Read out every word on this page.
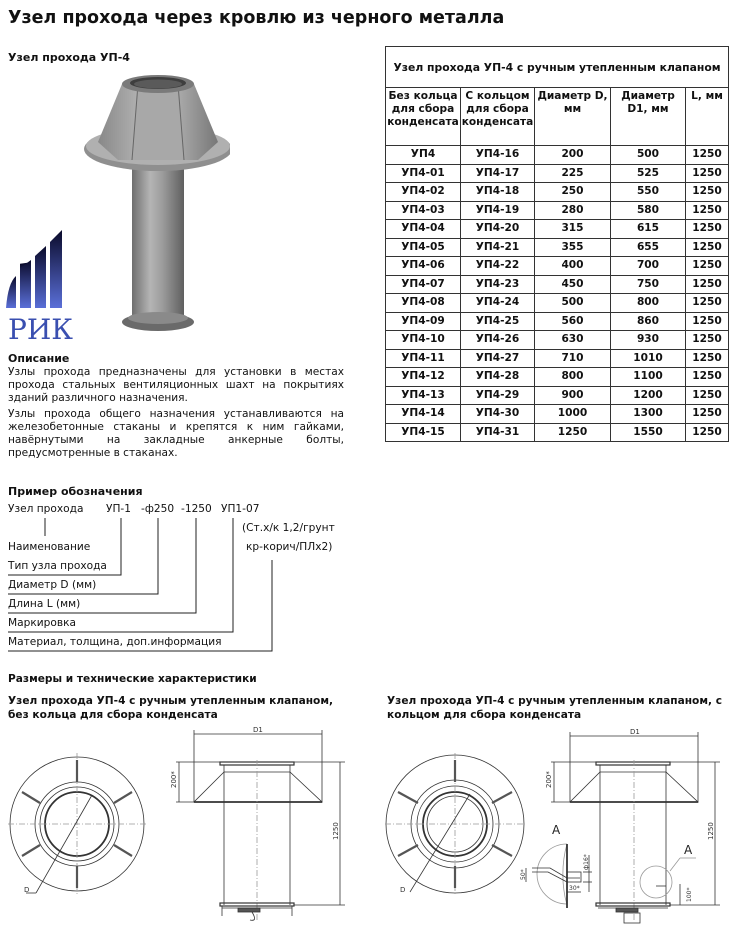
Узел прохода через кровлю из черного металла
Узел прохода УП-4
РИК
Описание

Узлы прохода предназначены для установки в местах прохода стальных вентиляционных шахт на покрытиях зданий различного назначения.

Узлы прохода общего назначения устанавливаются на железобетонные стаканы и крепятся к ним гайками, навёрнутыми на закладные анкерные болты, предусмотренные в стаканах.

Пример обозначения
Узел прохода УП-1 -ф250 -1250 УП1-07
(Ст.х/к 1,2/грунт
кр-корич/ПЛх2)
Наименование
Тип узла прохода
Диаметр D (мм)
Длина L (мм)
Маркировка
Материал, толщина, доп.информация
Узел прохода УП-4 с ручным утепленным клапаном				
Без кольца для сбора конденсата	С кольцом для сбора конденсата	Диаметр D, мм	Диаметр D1, мм	L, мм
УП4	УП4-16	200	500	1250
УП4-01	УП4-17	225	525	1250
УП4-02	УП4-18	250	550	1250
УП4-03	УП4-19	280	580	1250
УП4-04	УП4-20	315	615	1250
УП4-05	УП4-21	355	655	1250
УП4-06	УП4-22	400	700	1250
УП4-07	УП4-23	450	750	1250
УП4-08	УП4-24	500	800	1250
УП4-09	УП4-25	560	860	1250
УП4-10	УП4-26	630	930	1250
УП4-11	УП4-27	710	1010	1250
УП4-12	УП4-28	800	1100	1250
УП4-13	УП4-29	900	1200	1250
УП4-14	УП4-30	1000	1300	1250
УП4-15	УП4-31	1250	1550	1250
Размеры и технические характеристики
Узел прохода УП-4 с ручным утепленным клапаном,
без кольца для сбора конденсата
Узел прохода УП-4 с ручным утепленным клапаном, с
кольцом для сбора конденсата
D1
200*
1250
D
D1
200*
1250
D
A
A
ф16*
50*
30*	100*
